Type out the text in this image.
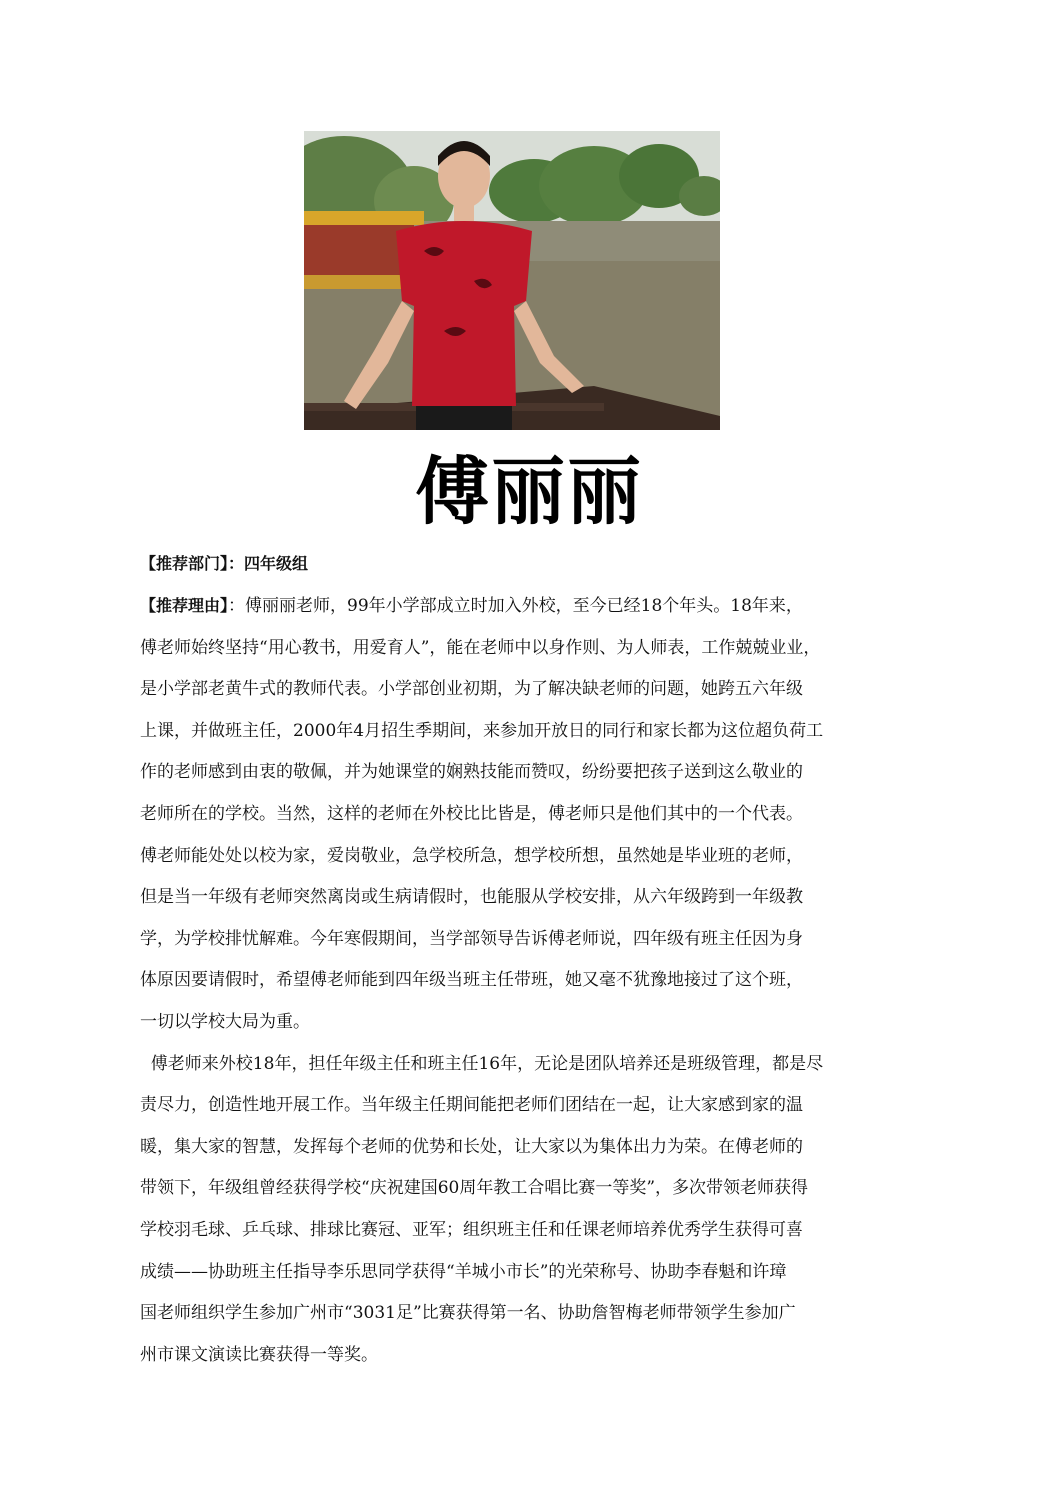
傅丽丽
【推荐部门】：四年级组
【推荐理由】：傅丽丽老师，99年小学部成立时加入外校，至今已经18个年头。18年来，
傅老师始终坚持“用心教书，用爱育人”，能在老师中以身作则、为人师表，工作兢兢业业，
是小学部老黄牛式的教师代表。小学部创业初期，为了解决缺老师的问题，她跨五六年级
上课，并做班主任，2000年4月招生季期间，来参加开放日的同行和家长都为这位超负荷工
作的老师感到由衷的敬佩，并为她课堂的娴熟技能而赞叹，纷纷要把孩子送到这么敬业的
老师所在的学校。当然，这样的老师在外校比比皆是，傅老师只是他们其中的一个代表。
傅老师能处处以校为家，爱岗敬业，急学校所急，想学校所想，虽然她是毕业班的老师，
但是当一年级有老师突然离岗或生病请假时，也能服从学校安排，从六年级跨到一年级教
学，为学校排忧解难。今年寒假期间，当学部领导告诉傅老师说，四年级有班主任因为身
体原因要请假时，希望傅老师能到四年级当班主任带班，她又毫不犹豫地接过了这个班，
一切以学校大局为重。
傅老师来外校18年，担任年级主任和班主任16年，无论是团队培养还是班级管理，都是尽
责尽力，创造性地开展工作。当年级主任期间能把老师们团结在一起，让大家感到家的温
暖，集大家的智慧，发挥每个老师的优势和长处，让大家以为集体出力为荣。在傅老师的
带领下，年级组曾经获得学校“庆祝建国60周年教工合唱比赛一等奖”，多次带领老师获得
学校羽毛球、乒乓球、排球比赛冠、亚军；组织班主任和任课老师培养优秀学生获得可喜
成绩——协助班主任指导李乐思同学获得“羊城小市长”的光荣称号、协助李春魁和许璋
国老师组织学生参加广州市“3031足”比赛获得第一名、协助詹智梅老师带领学生参加广
州市课文演读比赛获得一等奖。
